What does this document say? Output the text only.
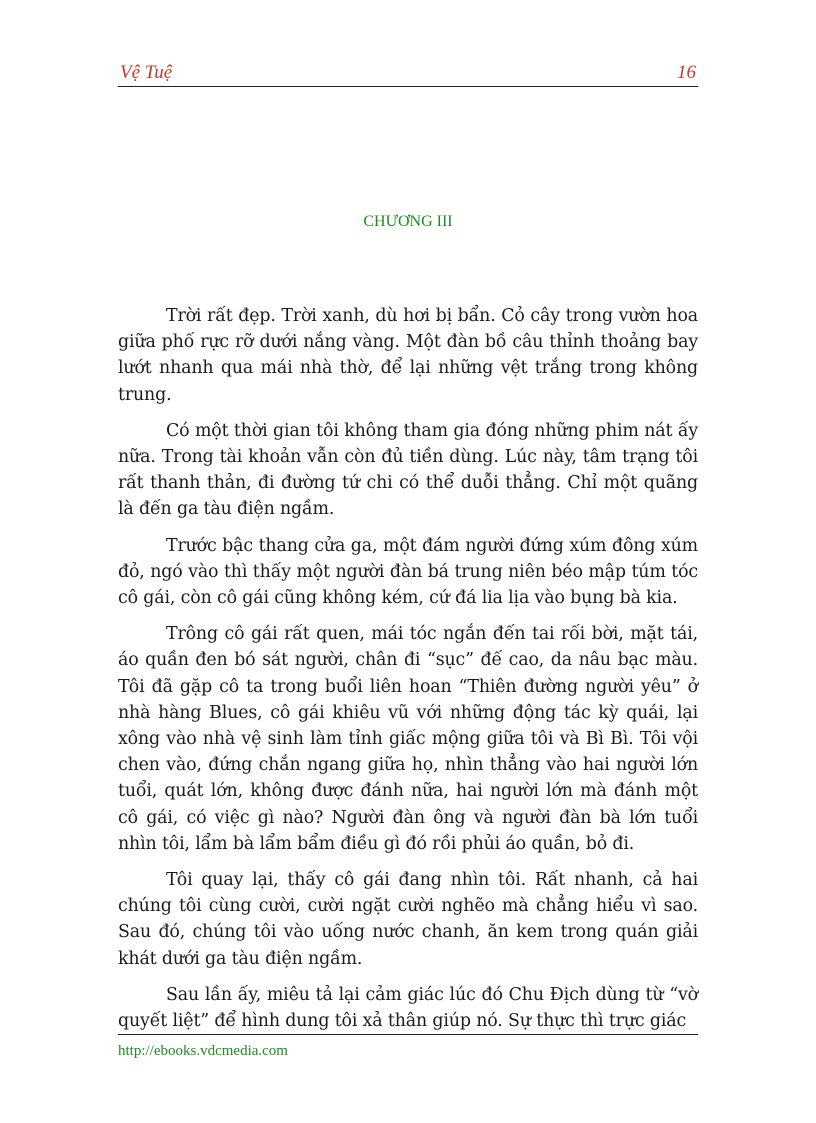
Vệ Tuệ	16
CHƯƠNG III

Trời rất đẹp. Trời xanh, dù hơi bị bẩn. Cỏ cây trong vườn hoa giữa phố rực rỡ dưới nắng vàng. Một đàn bồ câu thỉnh thoảng bay lướt nhanh qua mái nhà thờ, để lại những vệt trắng trong không trung.

Có một thời gian tôi không tham gia đóng những phim nát ấy nữa. Trong tài khoản vẫn còn đủ tiền dùng. Lúc này, tâm trạng tôi rất thanh thản, đi đường tứ chi có thể duỗi thẳng. Chỉ một quãng là đến ga tàu điện ngầm.

Trước bậc thang cửa ga, một đám người đứng xúm đông xúm đỏ, ngó vào thì thấy một người đàn bá trung niên béo mập túm tóc cô gái, còn cô gái cũng không kém, cứ đá lia lịa vào bụng bà kia.

Trông cô gái rất quen, mái tóc ngắn đến tai rối bời, mặt tái, áo quần đen bó sát người, chân đi “sục” đế cao, da nâu bạc màu. Tôi đã gặp cô ta trong buổi liên hoan “Thiên đường người yêu” ở nhà hàng Blues, cô gái khiêu vũ với những động tác kỳ quái, lại xông vào nhà vệ sinh làm tỉnh giấc mộng giữa tôi và Bì Bì. Tôi vội chen vào, đứng chắn ngang giữa họ, nhìn thẳng vào hai người lớn tuổi, quát lớn, không được đánh nữa, hai người lớn mà đánh một cô gái, có việc gì nào? Người đàn ông và người đàn bà lớn tuổi nhìn tôi, lẩm bà lẩm bẩm điều gì đó rồi phủi áo quần, bỏ đi.

Tôi quay lại, thấy cô gái đang nhìn tôi. Rất nhanh, cả hai chúng tôi cùng cười, cười ngặt cười nghẽo mà chẳng hiểu vì sao. Sau đó, chúng tôi vào uống nước chanh, ăn kem trong quán giải khát dưới ga tàu điện ngầm.

Sau lần ấy, miêu tả lại cảm giác lúc đó Chu Địch dùng từ “vờ quyết liệt” để hình dung tôi xả thân giúp nó. Sự thực thì trực giác

http://ebooks.vdcmedia.com
